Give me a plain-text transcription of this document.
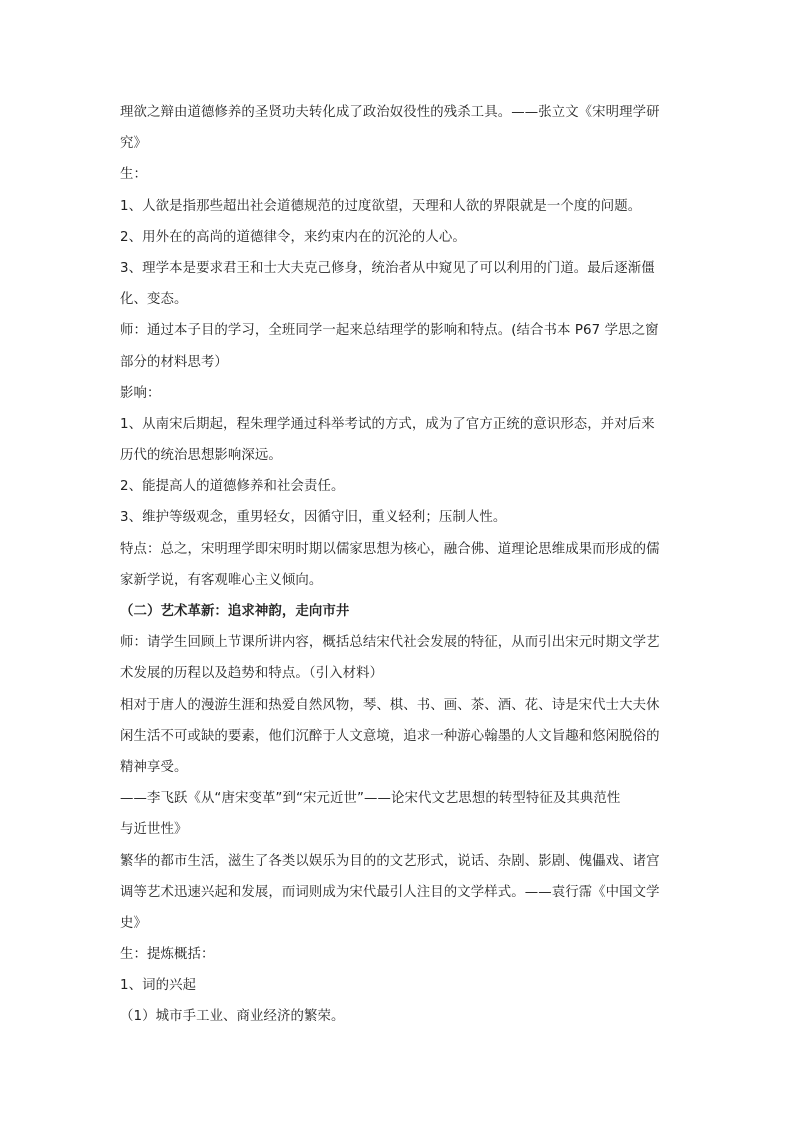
理欲之辩由道德修养的圣贤功夫转化成了政治奴役性的残杀工具。——张立文《宋明理学研
究》
生：
1、人欲是指那些超出社会道德规范的过度欲望，天理和人欲的界限就是一个度的问题。
2、用外在的高尚的道德律令，来约束内在的沉沦的人心。
3、理学本是要求君王和士大夫克己修身，统治者从中窥见了可以利用的门道。最后逐渐僵
化、变态。
师：通过本子目的学习，全班同学一起来总结理学的影响和特点。(结合书本 P67 学思之窗
部分的材料思考）
影响：
1、从南宋后期起，程朱理学通过科举考试的方式，成为了官方正统的意识形态，并对后来
历代的统治思想影响深远。
2、能提高人的道德修养和社会责任。
3、维护等级观念，重男轻女，因循守旧，重义轻利；压制人性。
特点：总之，宋明理学即宋明时期以儒家思想为核心，融合佛、道理论思维成果而形成的儒
家新学说，有客观唯心主义倾向。
（二）艺术革新：追求神韵，走向市井
师：请学生回顾上节课所讲内容，概括总结宋代社会发展的特征，从而引出宋元时期文学艺
术发展的历程以及趋势和特点。（引入材料）
相对于唐人的漫游生涯和热爱自然风物，琴、棋、书、画、茶、酒、花、诗是宋代士大夫休
闲生活不可或缺的要素，他们沉醉于人文意境，追求一种游心翰墨的人文旨趣和悠闲脱俗的
精神享受。
——李飞跃《从“唐宋变革”到“宋元近世”——论宋代文艺思想的转型特征及其典范性
与近世性》
繁华的都市生活，滋生了各类以娱乐为目的的文艺形式，说话、杂剧、影剧、傀儡戏、诸宫
调等艺术迅速兴起和发展，而词则成为宋代最引人注目的文学样式。——袁行霈《中国文学
史》
生：提炼概括：
1、词的兴起
（1）城市手工业、商业经济的繁荣。
